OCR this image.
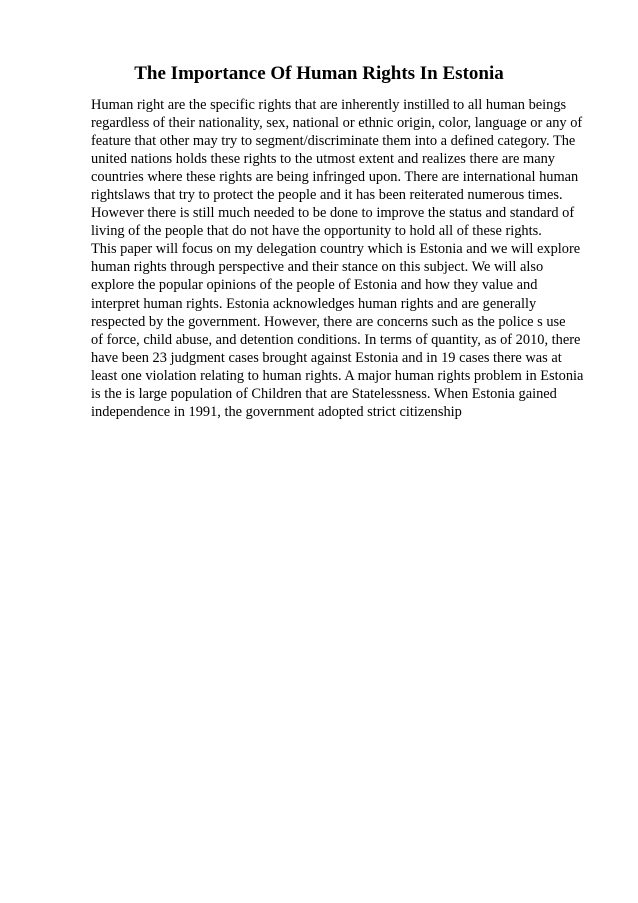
The Importance Of Human Rights In Estonia
Human right are the specific rights that are inherently instilled to all human beings
regardless of their nationality, sex, national or ethnic origin, color, language or any of
feature that other may try to segment/discriminate them into a defined category. The
united nations holds these rights to the utmost extent and realizes there are many
countries where these rights are being infringed upon. There are international human
rightslaws that try to protect the people and it has been reiterated numerous times.
However there is still much needed to be done to improve the status and standard of
living of the people that do not have the opportunity to hold all of these rights.
This paper will focus on my delegation country which is Estonia and we will explore
human rights through perspective and their stance on this subject. We will also
explore the popular opinions of the people of Estonia and how they value and
interpret human rights. Estonia acknowledges human rights and are generally
respected by the government. However, there are concerns such as the police s use
of force, child abuse, and detention conditions. In terms of quantity, as of 2010, there
have been 23 judgment cases brought against Estonia and in 19 cases there was at
least one violation relating to human rights. A major human rights problem in Estonia
is the is large population of Children that are Statelessness. When Estonia gained
independence in 1991, the government adopted strict citizenship
